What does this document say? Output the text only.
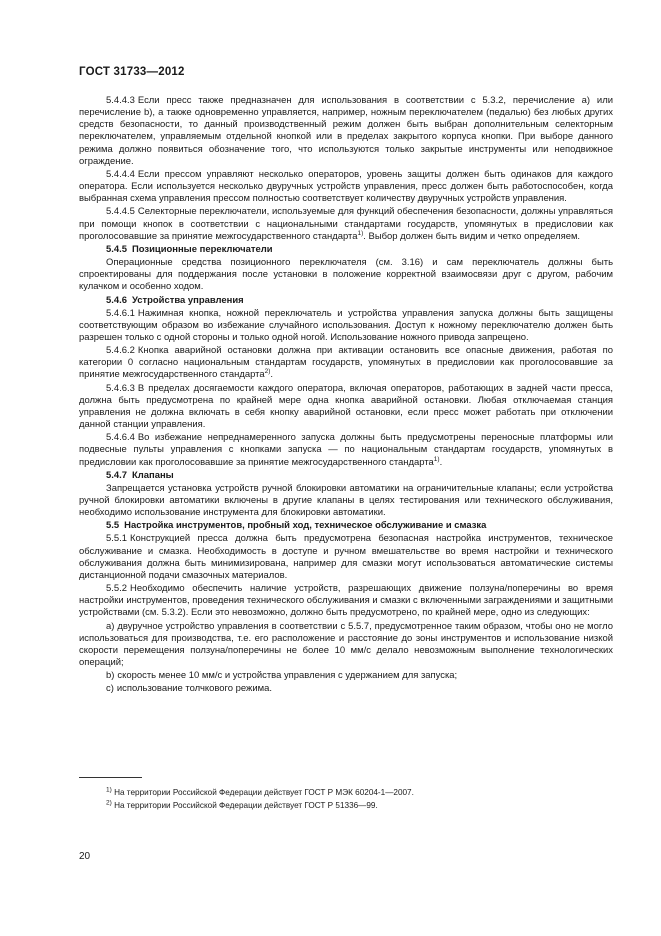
ГОСТ 31733—2012
5.4.4.3 Если пресс также предназначен для использования в соответствии с 5.3.2, перечисление а) или перечисление b), а также одновременно управляется, например, ножным переключателем (педалью) без любых других средств безопасности, то данный производственный режим должен быть выбран дополнительным селекторным переключателем, управляемым отдельной кнопкой или в пределах закрытого корпуса кнопки. При выборе данного режима должно появиться обозначение того, что используются только закрытые инструменты или неподвижное ограждение.
5.4.4.4 Если прессом управляют несколько операторов, уровень защиты должен быть одинаков для каждого оператора. Если используется несколько двуручных устройств управления, пресс должен быть работоспособен, когда выбранная схема управления прессом полностью соответствует количеству двуручных устройств управления.
5.4.4.5 Селекторные переключатели, используемые для функций обеспечения безопасности, должны управляться при помощи кнопок в соответствии с национальными стандартами государств, упомянутых в предисловии как проголосовавшие за принятие межгосударственного стандарта$^{1)}$. Выбор должен быть видим и четко определяем.
5.4.5 Позиционные переключатели
Операционные средства позиционного переключателя (см. 3.16) и сам переключатель должны быть спроектированы для поддержания после установки в положение корректной взаимосвязи друг с другом, рабочим кулачком и особенно ходом.
5.4.6 Устройства управления
5.4.6.1 Нажимная кнопка, ножной переключатель и устройства управления запуска должны быть защищены соответствующим образом во избежание случайного использования. Доступ к ножному переключателю должен быть разрешен только с одной стороны и только одной ногой. Использование ножного привода запрещено.
5.4.6.2 Кнопка аварийной остановки должна при активации остановить все опасные движения, работая по категории 0 согласно национальным стандартам государств, упомянутых в предисловии как проголосовавшие за принятие межгосударственного стандарта$^{2)}$.
5.4.6.3 В пределах досягаемости каждого оператора, включая операторов, работающих в задней части пресса, должна быть предусмотрена по крайней мере одна кнопка аварийной остановки. Любая отключаемая станция управления не должна включать в себя кнопку аварийной остановки, если пресс может работать при отключении данной станции управления.
5.4.6.4 Во избежание непреднамеренного запуска должны быть предусмотрены переносные платформы или подвесные пульты управления с кнопками запуска — по национальным стандартам государств, упомянутых в предисловии как проголосовавшие за принятие межгосударственного стандарта$^{1)}$.
5.4.7 Клапаны
Запрещается установка устройств ручной блокировки автоматики на ограничительные клапаны; если устройства ручной блокировки автоматики включены в другие клапаны в целях тестирования или технического обслуживания, необходимо использование инструмента для блокировки автоматики.
5.5 Настройка инструментов, пробный ход, техническое обслуживание и смазка
5.5.1 Конструкцией пресса должна быть предусмотрена безопасная настройка инструментов, техническое обслуживание и смазка. Необходимость в доступе и ручном вмешательстве во время настройки и технического обслуживания должна быть минимизирована, например для смазки могут использоваться автоматические системы дистанционной подачи смазочных материалов.
5.5.2 Необходимо обеспечить наличие устройств, разрешающих движение ползуна/поперечины во время настройки инструментов, проведения технического обслуживания и смазки с включенными заграждениями и защитными устройствами (см. 5.3.2). Если это невозможно, должно быть предусмотрено, по крайней мере, одно из следующих:
а) двуручное устройство управления в соответствии с 5.5.7, предусмотренное таким образом, чтобы оно не могло использоваться для производства, т.е. его расположение и расстояние до зоны инструментов и использование низкой скорости перемещения ползуна/поперечины не более 10 мм/с делало невозможным выполнение технологических операций;
b) скорость менее 10 мм/с и устройства управления с удержанием для запуска;
c) использование толчкового режима.
$^{1)}$ На территории Российской Федерации действует ГОСТ Р МЭК 60204-1—2007.
$^{2)}$ На территории Российской Федерации действует ГОСТ Р 51336—99.
20
